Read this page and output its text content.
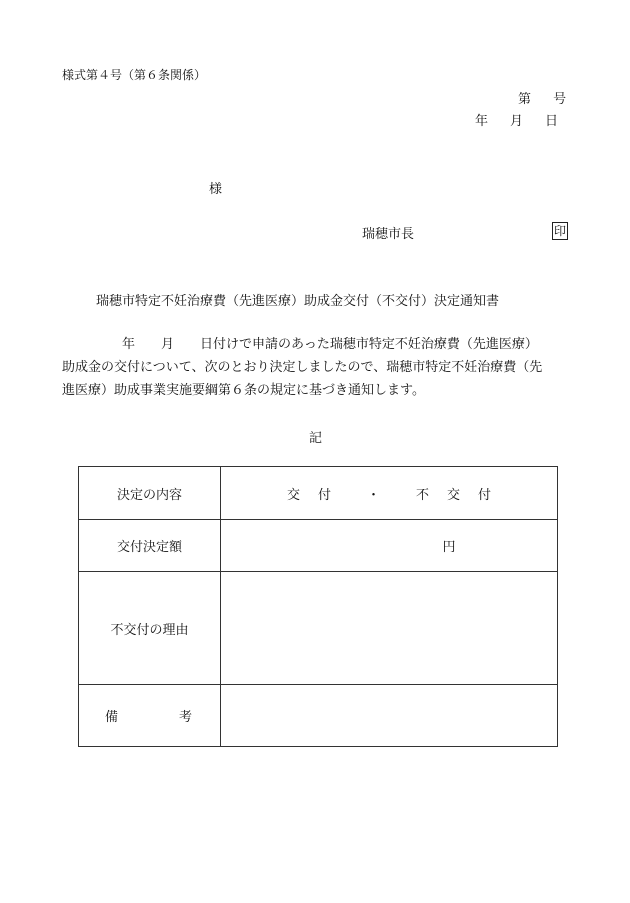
様式第４号（第６条関係）
第 号
年 月 日
様
瑞穂市長	印
瑞穂市特定不妊治療費（先進医療）助成金交付（不交付）決定通知書
年　　月　　日付けで申請のあった瑞穂市特定不妊治療費（先進医療）
助成金の交付について、次のとおり決定しましたので、瑞穂市特定不妊治療費（先
進医療）助成事業実施要綱第６条の規定に基づき通知します。
記
決定の内容	交 付 ・ 不 交 付
交付決定額	円
不交付の理由	

備 考	
